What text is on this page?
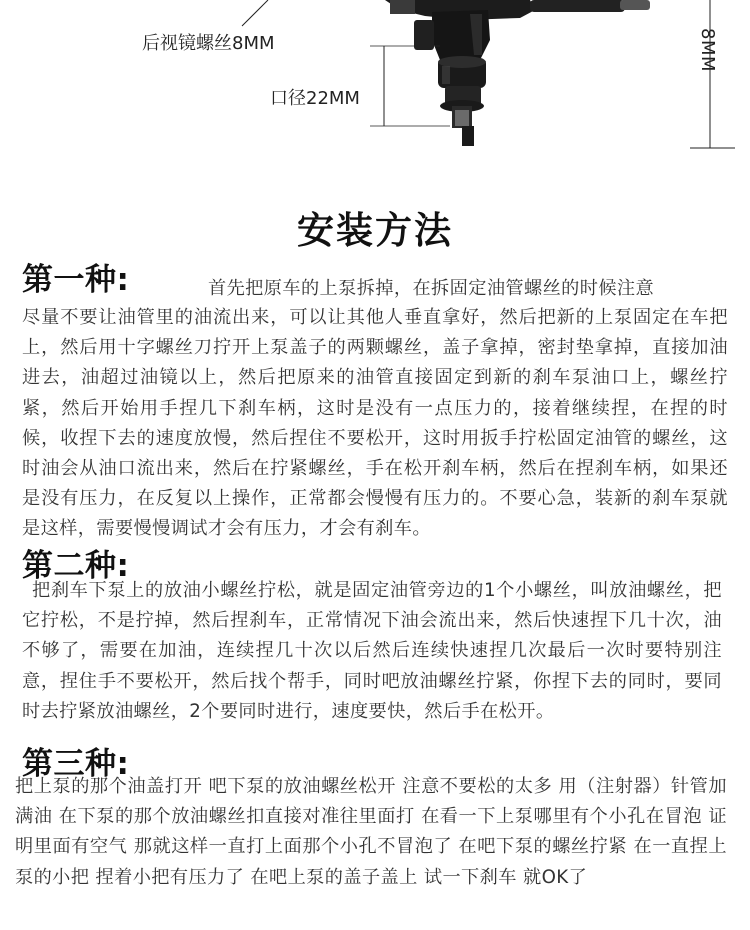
后视镜螺丝8MM
口径22MM
8MM
安装方法
第一种:	首先把原车的上泵拆掉，在拆固定油管螺丝的时候注意

尽量不要让油管里的油流出来，可以让其他人垂直拿好，然后把新的上泵固定在车把上，然后用十字螺丝刀拧开上泵盖子的两颗螺丝，盖子拿掉，密封垫拿掉，直接加油进去，油超过油镜以上，然后把原来的油管直接固定到新的刹车泵油口上，螺丝拧紧，然后开始用手捏几下刹车柄，这时是没有一点压力的，接着继续捏，在捏的时候，收捏下去的速度放慢，然后捏住不要松开，这时用扳手拧松固定油管的螺丝，这时油会从油口流出来，然后在拧紧螺丝，手在松开刹车柄，然后在捏刹车柄，如果还是没有压力，在反复以上操作，正常都会慢慢有压力的。不要心急，装新的刹车泵就是这样，需要慢慢调试才会有压力，才会有刹车。

第二种:

把刹车下泵上的放油小螺丝拧松，就是固定油管旁边的1个小螺丝，叫放油螺丝，把它拧松，不是拧掉，然后捏刹车，正常情况下油会流出来，然后快速捏下几十次，油不够了，需要在加油，连续捏几十次以后然后连续快速捏几次最后一次时要特别注意，捏住手不要松开，然后找个帮手，同时吧放油螺丝拧紧，你捏下去的同时，要同时去拧紧放油螺丝，2个要同时进行，速度要快，然后手在松开。

第三种:

把上泵的那个油盖打开 吧下泵的放油螺丝松开 注意不要松的太多 用（注射器）针管加满油 在下泵的那个放油螺丝扣直接对准往里面打 在看一下上泵哪里有个小孔在冒泡 证明里面有空气 那就这样一直打上面那个小孔不冒泡了 在吧下泵的螺丝拧紧 在一直捏上泵的小把 捏着小把有压力了 在吧上泵的盖子盖上 试一下刹车 就OK了
